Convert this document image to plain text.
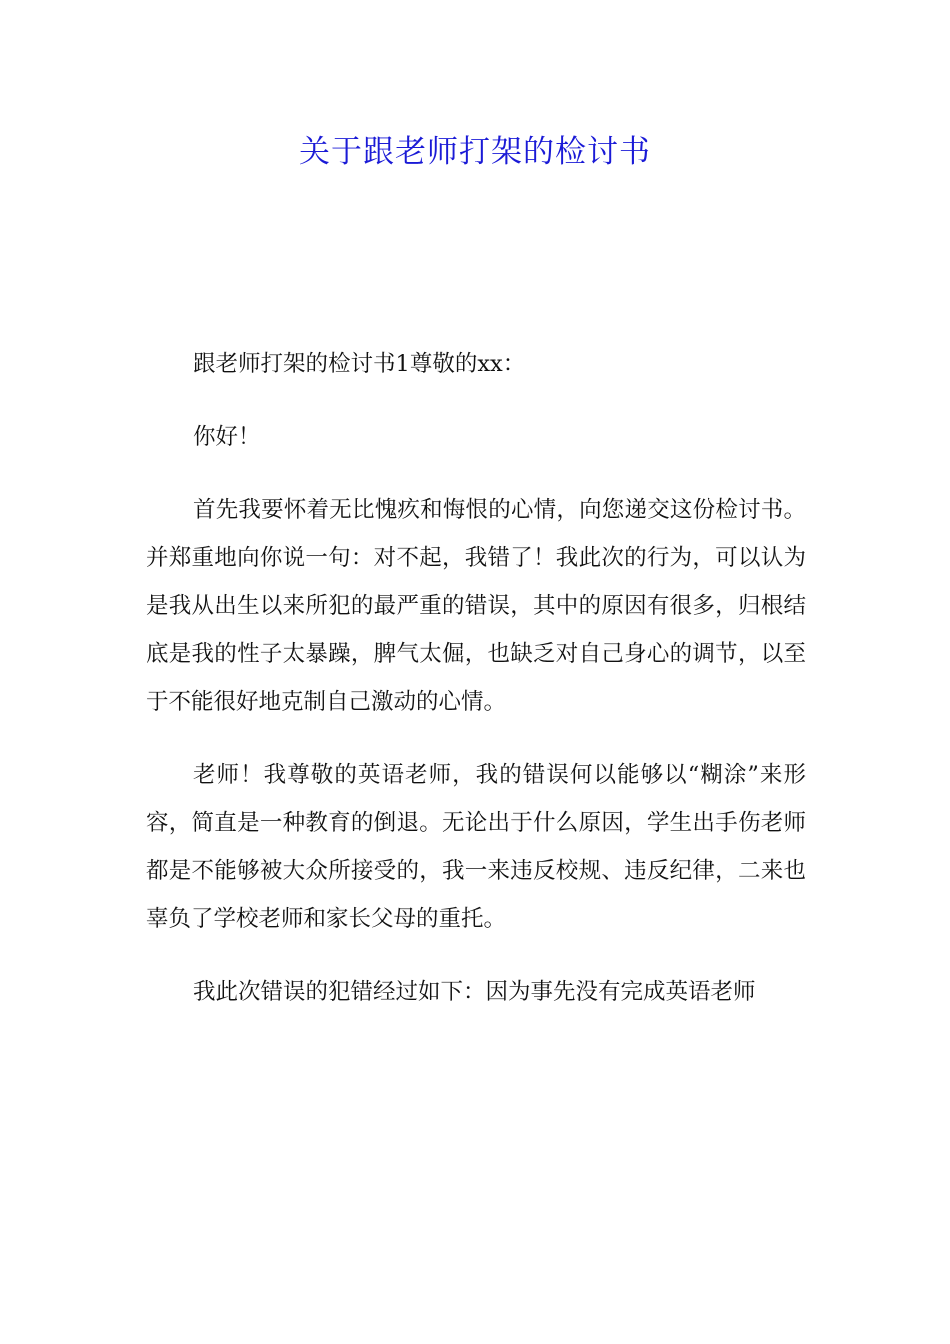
关于跟老师打架的检讨书

跟老师打架的检讨书1尊敬的xx：

你好！

首先我要怀着无比愧疚和悔恨的心情，向您递交这份检讨书。并郑重地向你说一句：对不起，我错了！我此次的行为，可以认为是我从出生以来所犯的最严重的错误，其中的原因有很多，归根结底是我的性子太暴躁，脾气太倔，也缺乏对自己身心的调节，以至于不能很好地克制自己激动的心情。

老师！我尊敬的英语老师，我的错误何以能够以“糊涂”来形容，简直是一种教育的倒退。无论出于什么原因，学生出手伤老师都是不能够被大众所接受的，我一来违反校规、违反纪律，二来也辜负了学校老师和家长父母的重托。

我此次错误的犯错经过如下：因为事先没有完成英语老师
